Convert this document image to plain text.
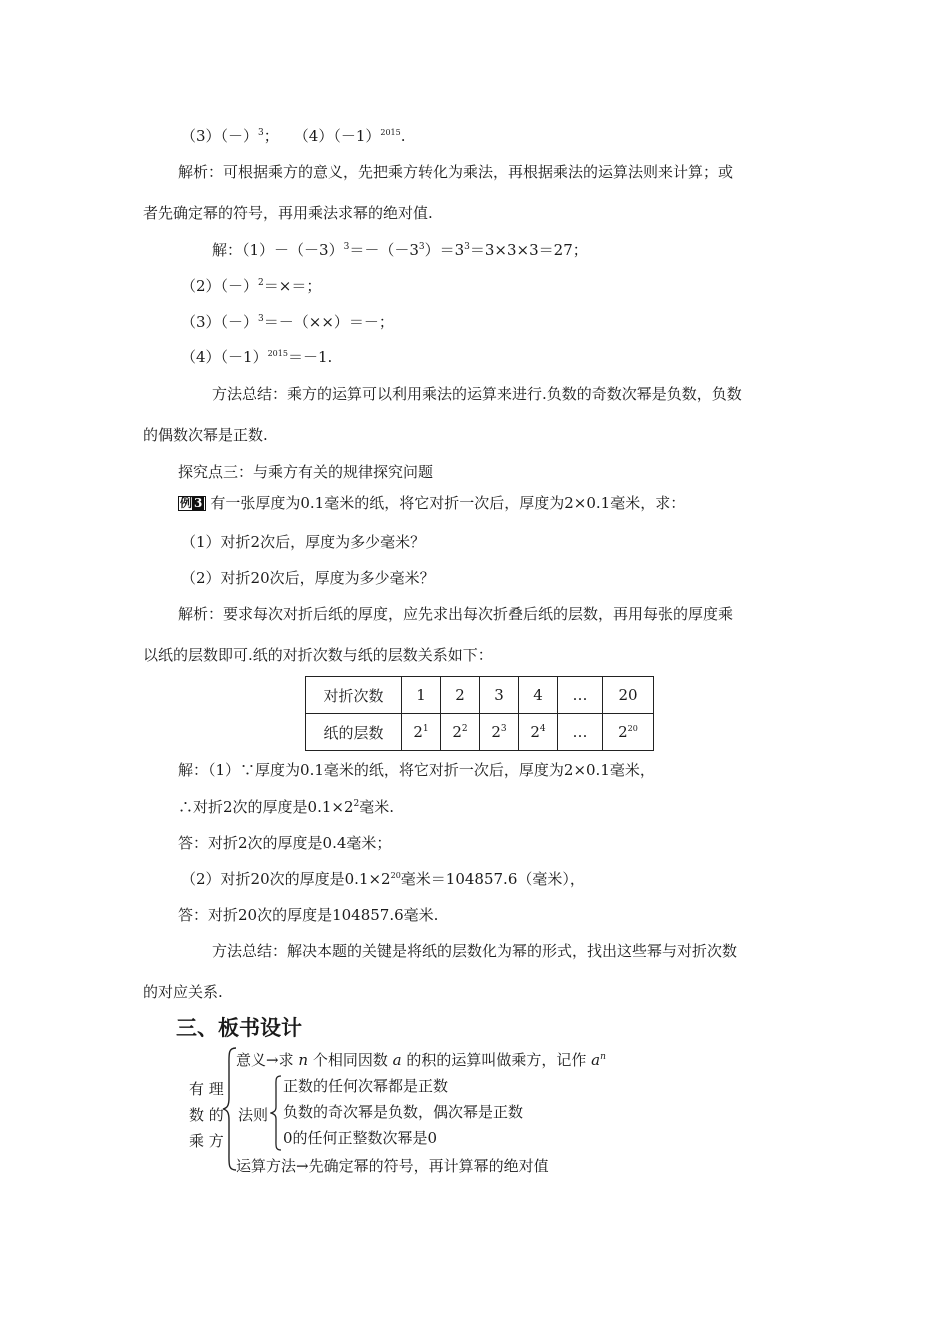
$(3)(-)^3$；　　$(4)(-1)^{2015}$.
解析：可根据乘方的意义，先把乘方转化为乘法，再根据乘法的运算法则来计算；或
者先确定幂的符号，再用乘法求幂的绝对值.
解：$(1)-(-3)^3=-(-3^3)=3^3=3\times 3\times 3=27$；
$(2)(-)^2=\times=$；
$(3)(-)^3=-(\times\times)=-$；
$(4)(-1)^{2015}=-1$.
方法总结：乘方的运算可以利用乘法的运算来进行.负数的奇数次幂是负数，负数
的偶数次幂是正数.
探究点三：与乘方有关的规律探究问题
例 3 有一张厚度为0.1毫米的纸，将它对折一次后，厚度为2×0.1毫米，求：
（1）对折2次后，厚度为多少毫米？
（2）对折20次后，厚度为多少毫米？
解析：要求每次对折后纸的厚度，应先求出每次折叠后纸的层数，再用每张的厚度乘
以纸的层数即可.纸的对折次数与纸的层数关系如下：
对折次数	1	2	3	4	…	20
纸的层数	$2^1$	$2^2$	$2^3$	$2^4$	…	$2^{20}$
解：（1）∵厚度为0.1毫米的纸，将它对折一次后，厚度为2×0.1毫米，
∴对折2次的厚度是$0.1\times 2^2$毫米.
答：对折2次的厚度是0.4毫米；
（2）对折20次的厚度是$0.1\times 2^{20}$毫米＝104857.6（毫米），
答：对折20次的厚度是104857.6毫米.
方法总结：解决本题的关键是将纸的层数化为幂的形式，找出这些幂与对折次数
的对应关系.
三、板书设计
有 理
数 的
乘 方
意义→求 n 个相同因数 a 的积的运算叫做乘方，记作 $a^n$
法则
正数的任何次幂都是正数
负数的奇次幂是负数，偶次幂是正数
0的任何正整数次幂是0
运算方法→先确定幂的符号，再计算幂的绝对值
